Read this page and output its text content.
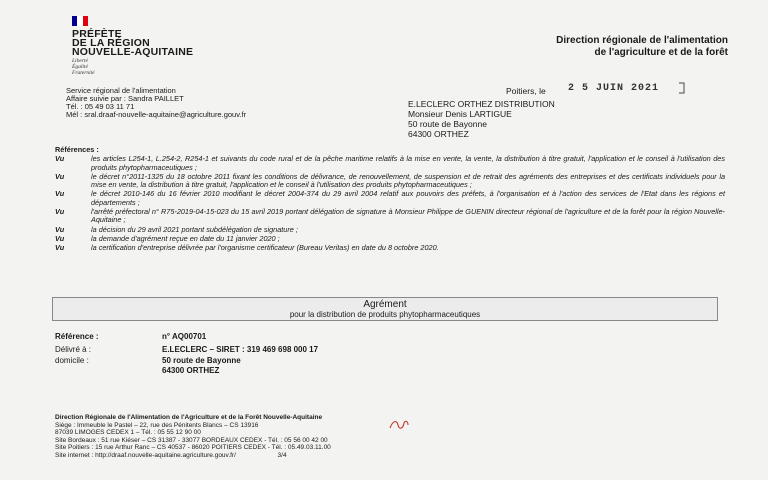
PRÉFÈTE
DE LA RÉGION
NOUVELLE-AQUITAINE
Liberté
Égalité
Fraternité
Direction régionale de l'alimentation
de l'agriculture et de la forêt
Service régional de l'alimentation
Affaire suivie par : Sandra PAILLET
Tél. : 05 49 03 11 71
Mél : sral.draaf-nouvelle-aquitaine@agriculture.gouv.fr
Poitiers, le 2 5 JUIN 2021
E.LECLERC ORTHEZ DISTRIBUTION
Monsieur Denis LARTIGUE
50 route de Bayonne
64300 ORTHEZ
Références :
Vu	les articles L254-1, L.254-2, R254-1 et suivants du code rural et de la pêche maritime relatifs à la mise en vente, la vente, la distribution à titre gratuit, l'application et le conseil à l'utilisation des produits phytopharmaceutiques ;
Vu	le décret n°2011-1325 du 18 octobre 2011 fixant les conditions de délivrance, de renouvellement, de suspension et de retrait des agréments des entreprises et des certificats individuels pour la mise en vente, la distribution à titre gratuit, l'application et le conseil à l'utilisation des produits phytopharmaceutiques ;
Vu	le décret 2010-146 du 16 février 2010 modifiant le décret 2004-374 du 29 avril 2004 relatif aux pouvoirs des préfets, à l'organisation et à l'action des services de l'Etat dans les régions et départements ;
Vu	l'arrêté préfectoral n° R75-2019-04-15-023 du 15 avril 2019 portant délégation de signature à Monsieur Philippe de GUENIN directeur régional de l'agriculture et de la forêt pour la région Nouvelle-Aquitaine ;
Vu	la décision du 29 avril 2021 portant subdélégation de signature ;
Vu	la demande d'agrément reçue en date du 11 janvier 2020 ;
Vu	la certification d'entreprise délivrée par l'organisme certificateur (Bureau Veritas) en date du 8 octobre 2020.
Agrément
pour la distribution de produits phytopharmaceutiques
Référence :	n° AQ00701
Délivré à :	E.LECLERC – SIRET : 319 469 698 000 17
domicile :	50 route de Bayonne
64300 ORTHEZ
Direction Régionale de l'Alimentation de l'Agriculture et de la Forêt Nouvelle-Aquitaine
Siège : Immeuble le Pastel – 22, rue des Pénitents Blancs – CS 13916
87039 LIMOGES CEDEX 1 – Tél. : 05 55 12 90 00
Site Bordeaux : 51 rue Kiéser – CS 31387 - 33077 BORDEAUX CEDEX - Tél. : 05 56 00 42 00
Site Poitiers : 15 rue Arthur Ranc – CS 40537 - 86020 POITIERS CEDEX - Tél. : 05.49.03.11.00
Site internet : http://draaf.nouvelle-aquitaine.agriculture.gouv.fr/	3/4
